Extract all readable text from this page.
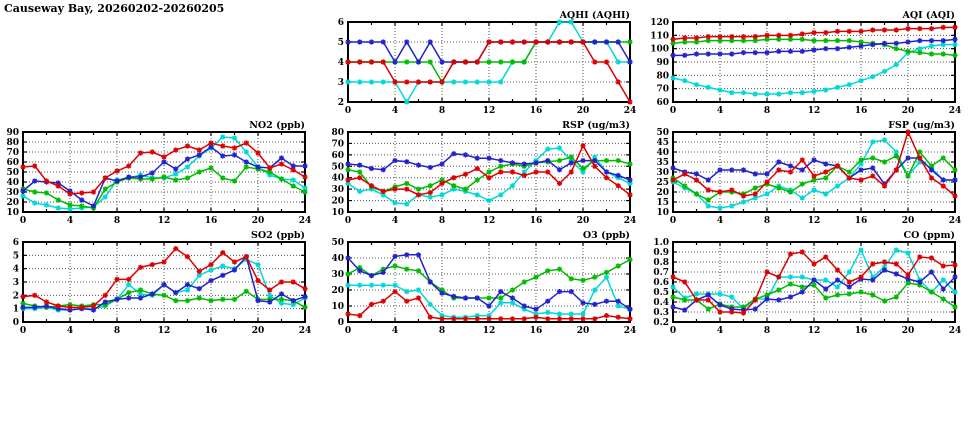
Causeway Bay, 20260202-20260205
2
3
4
5
6
0	4	8	12	16	20	24
AQHI (AQHI)
60
70
80
90
100
110
120
0	4	8	12	16	20	24
AQI (AQI)
10
20
30
40
50
60
70
80
90
0	4	8	12	16	20	24
NO2 (ppb)
10
20
30
40
50
60
70
80
0	4	8	12	16	20	24
RSP (ug/m3)
10
15
20
25
30
35
40
45
50
0	4	8	12	16	20	24
FSP (ug/m3)
0
1
2
3
4
5
6
0	4	8	12	16	20	24
SO2 (ppb)
0
10
20
30
40
50
0	4	8	12	16	20	24
O3 (ppb)
0.2
0.3
0.4
0.5
0.6
0.7
0.8
0.9
1.0
0	4	8	12	16	20	24
CO (ppm)
